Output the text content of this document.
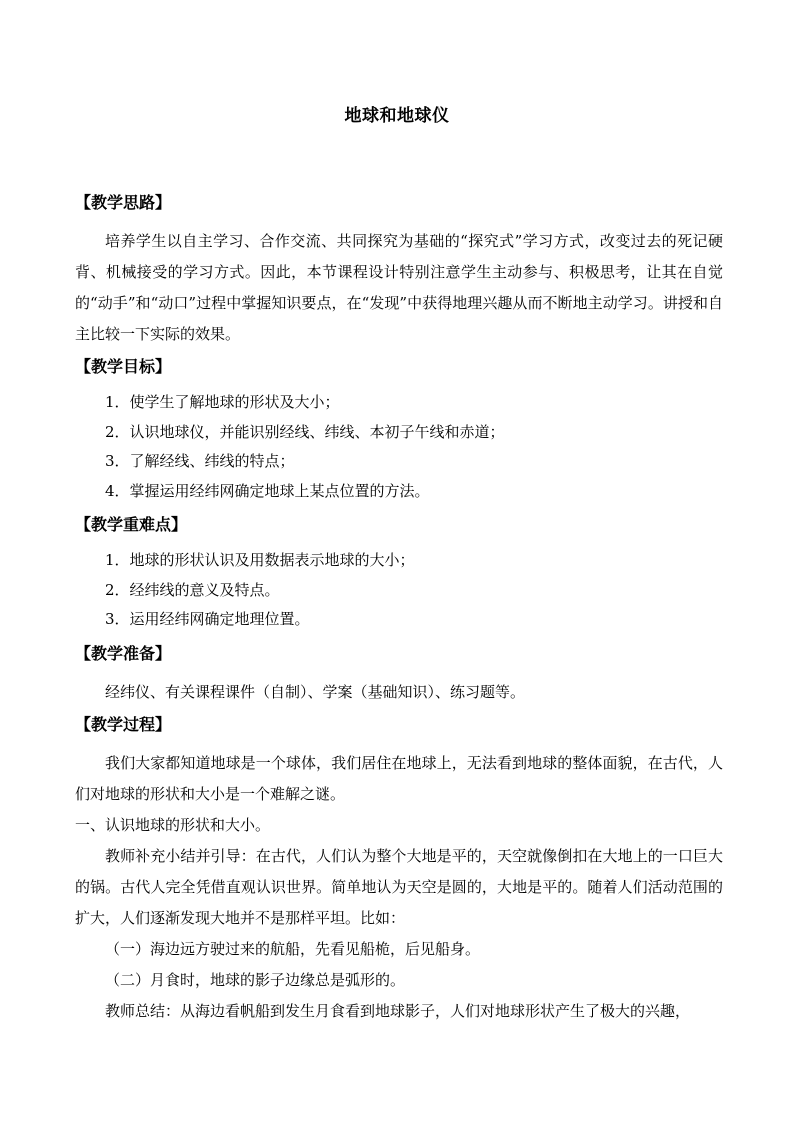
地球和地球仪
【教学思路】

培养学生以自主学习、合作交流、共同探究为基础的“探究式”学习方式，改变过去的死记硬背、机械接受的学习方式。因此，本节课程设计特别注意学生主动参与、积极思考，让其在自觉的“动手”和“动口”过程中掌握知识要点，在“发现”中获得地理兴趣从而不断地主动学习。讲授和自主比较一下实际的效果。

【教学目标】

1．使学生了解地球的形状及大小；

2．认识地球仪，并能识别经线、纬线、本初子午线和赤道；

3．了解经线、纬线的特点；

4．掌握运用经纬网确定地球上某点位置的方法。

【教学重难点】

1．地球的形状认识及用数据表示地球的大小；

2．经纬线的意义及特点。

3．运用经纬网确定地理位置。

【教学准备】

经纬仪、有关课程课件（自制）、学案（基础知识）、练习题等。

【教学过程】

我们大家都知道地球是一个球体，我们居住在地球上，无法看到地球的整体面貌，在古代，人们对地球的形状和大小是一个难解之谜。

一、认识地球的形状和大小。

教师补充小结并引导：在古代，人们认为整个大地是平的，天空就像倒扣在大地上的一口巨大的锅。古代人完全凭借直观认识世界。简单地认为天空是圆的，大地是平的。随着人们活动范围的扩大，人们逐渐发现大地并不是那样平坦。比如：

（一）海边远方驶过来的航船，先看见船桅，后见船身。

（二）月食时，地球的影子边缘总是弧形的。

教师总结：从海边看帆船到发生月食看到地球影子，人们对地球形状产生了极大的兴趣，
